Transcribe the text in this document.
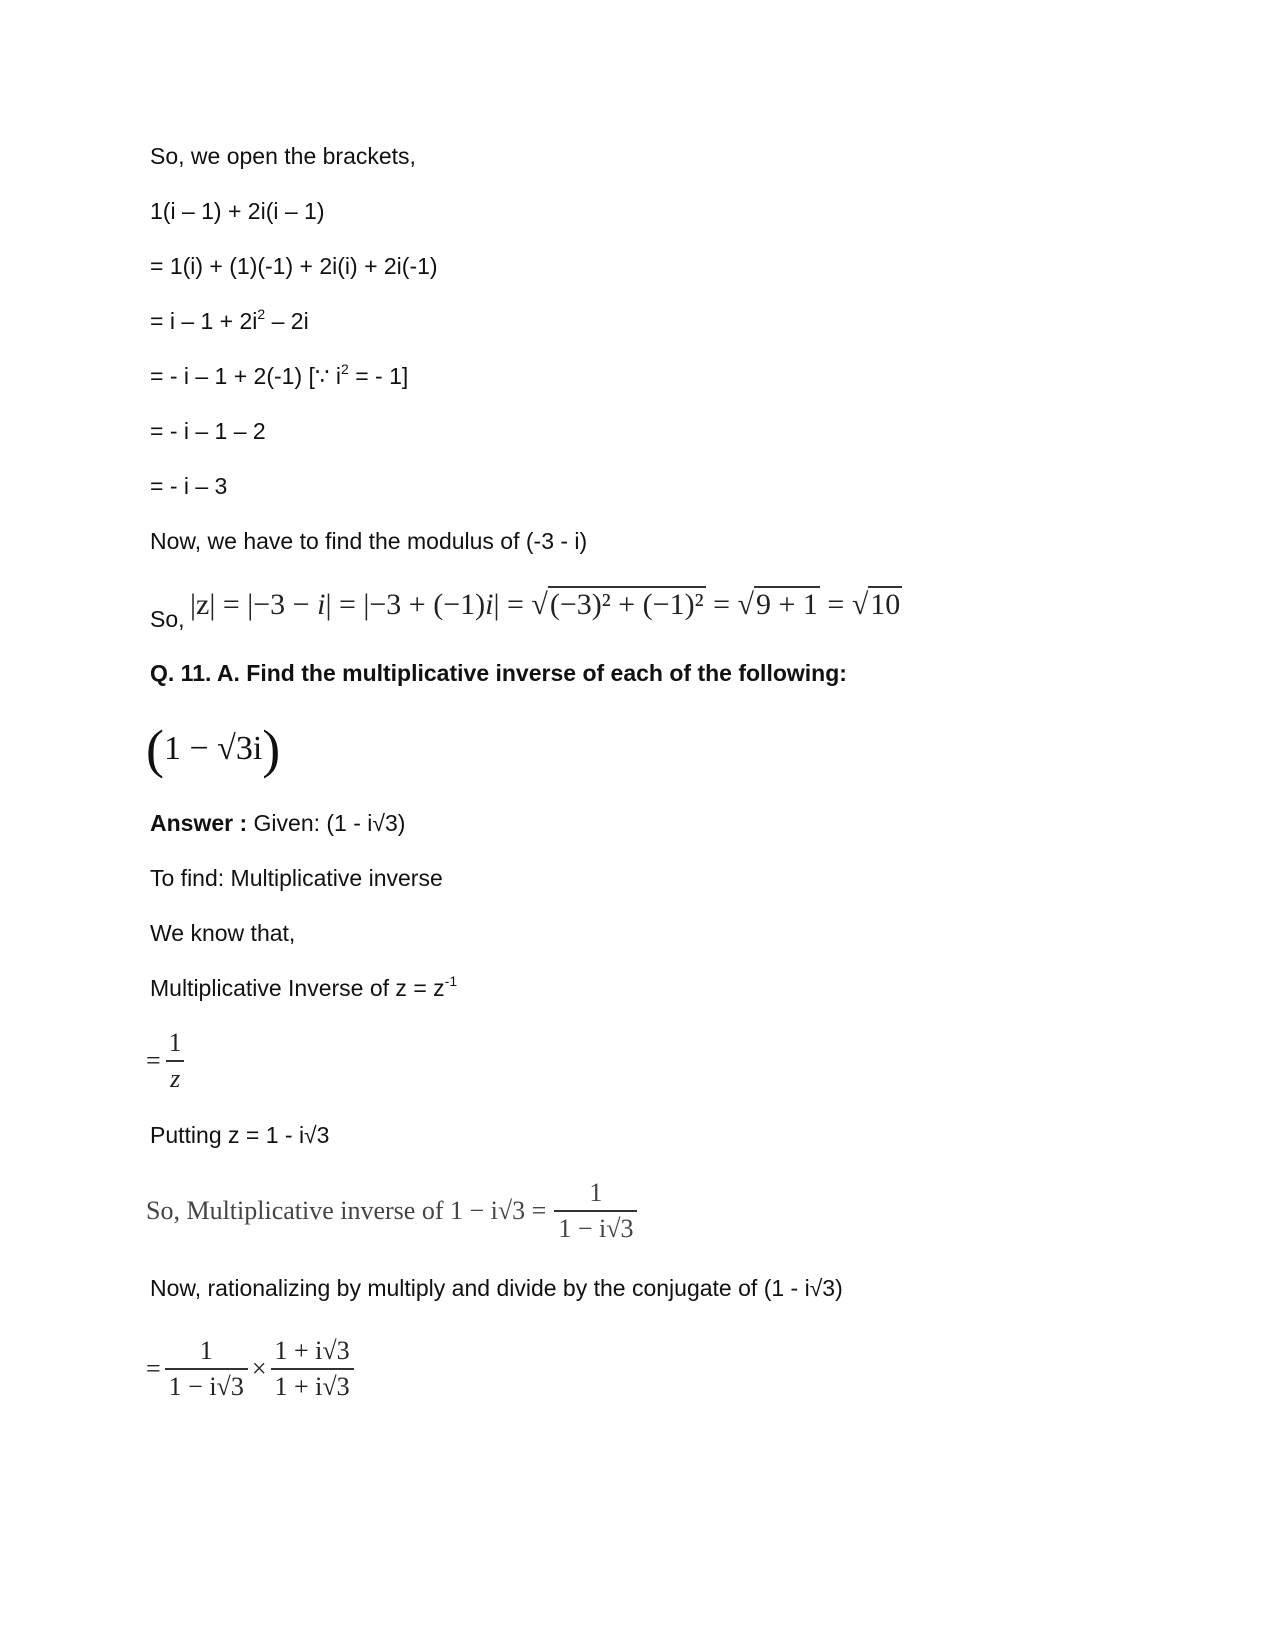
So, we open the brackets,
1(i – 1) + 2i(i – 1)
= 1(i) + (1)(-1) + 2i(i) + 2i(-1)
= $i - 1 + 2i^2 - 2i$
= - i – 1 + 2(-1) [∵ $i^2$ = - 1]
= - i – 1 – 2
= - i – 3
Now, we have to find the modulus of (-3 - i)
So, |z| = |−3 − i| = |−3 + (−1)i| = √(−3)² + (−1)² = √9 + 1 = √10
Q. 11. A. Find the multiplicative inverse of each of the following:
(1 − √3i)
Answer : Given: (1 - i√3)
To find: Multiplicative inverse
We know that,
Multiplicative Inverse of $z = z^{-1}$
= $\frac{1}{z}$
Putting z = 1 - i√3
So, Multiplicative inverse of $1 - i√3 = \frac{1}{1 - i√3}$
Now, rationalizing by multiply and divide by the conjugate of (1 - i√3)
= $\frac{1}{1 - i√3} \times \frac{1 + i√3}{1 + i√3}$
